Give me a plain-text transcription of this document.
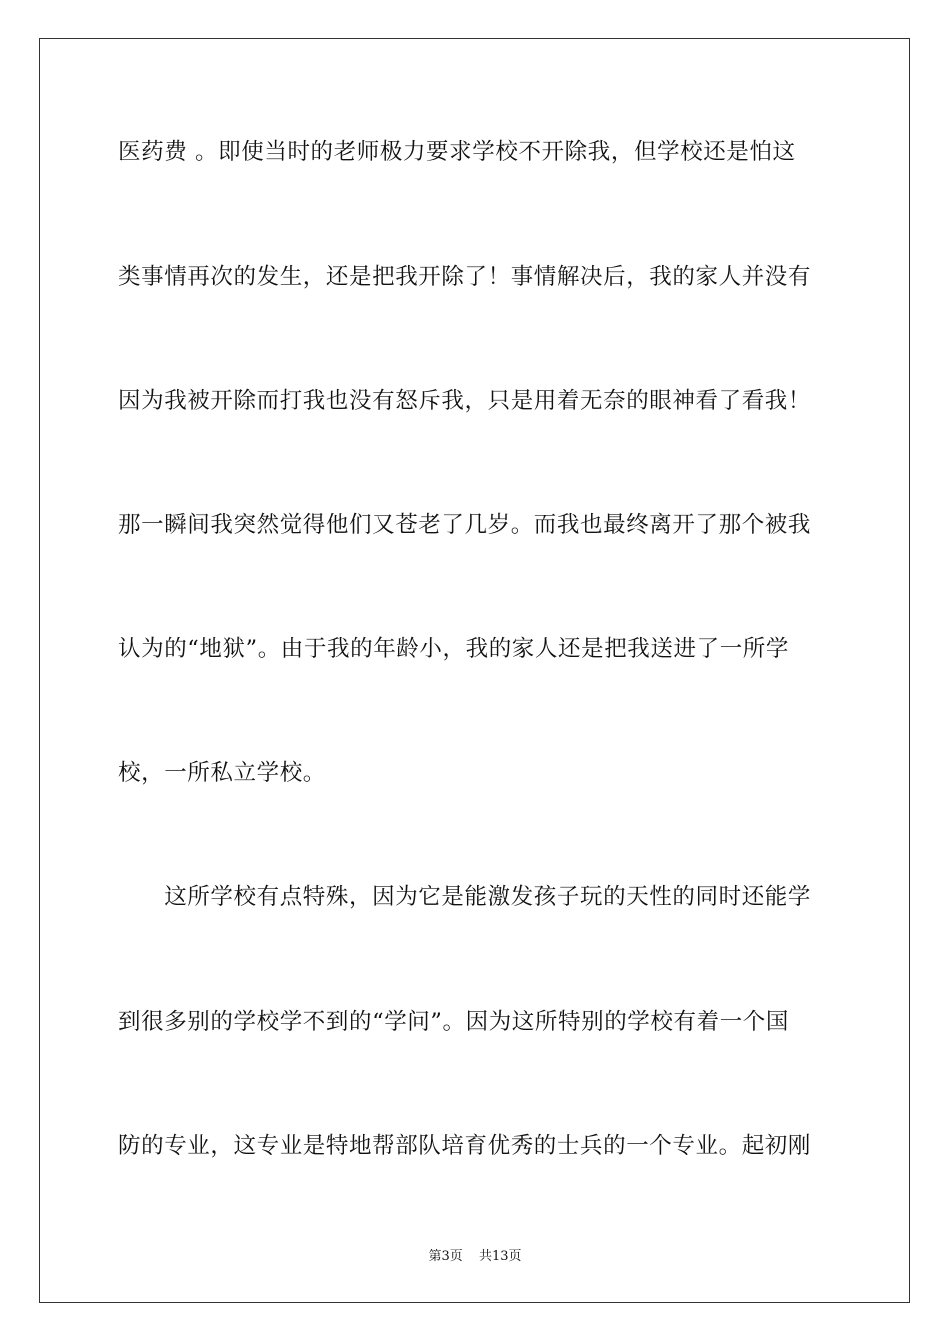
医药费 。即使当时的老师极力要求学校不开除我，但学校还是怕这
类事情再次的发生，还是把我开除了！事情解决后，我的家人并没有
因为我被开除而打我也没有怒斥我，只是用着无奈的眼神看了看我！
那一瞬间我突然觉得他们又苍老了几岁。而我也最终离开了那个被我
认为的“地狱”。由于我的年龄小，我的家人还是把我送进了一所学
校，一所私立学校。
　　这所学校有点特殊，因为它是能激发孩子玩的天性的同时还能学
到很多别的学校学不到的“学问”。因为这所特别的学校有着一个国
防的专业，这专业是特地帮部队培育优秀的士兵的一个专业。起初刚
第3页 共13页
